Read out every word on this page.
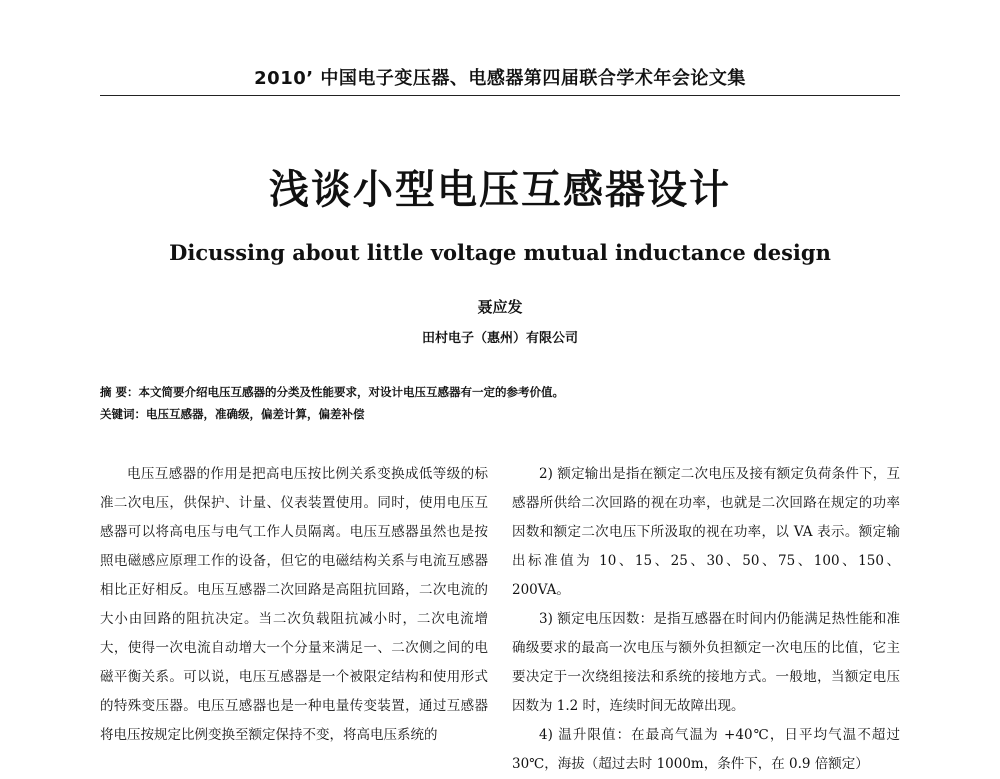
2010’ 中国电子变压器、电感器第四届联合学术年会论文集
浅谈小型电压互感器设计
Dicussing about little voltage mutual inductance design
聂应发
田村电子（惠州）有限公司
摘 要：本文简要介绍电压互感器的分类及性能要求，对设计电压互感器有一定的参考价值。
关键词：电压互感器，准确级，偏差计算，偏差补偿

电压互感器的作用是把高电压按比例关系变换成低等级的标准二次电压，供保护、计量、仪表装置使用。同时，使用电压互感器可以将高电压与电气工作人员隔离。电压互感器虽然也是按照电磁感应原理工作的设备，但它的电磁结构关系与电流互感器相比正好相反。电压互感器二次回路是高阻抗回路，二次电流的大小由回路的阻抗决定。当二次负载阻抗减小时，二次电流增大，使得一次电流自动增大一个分量来满足一、二次侧之间的电磁平衡关系。可以说，电压互感器是一个被限定结构和使用形式的特殊变压器。电压互感器也是一种电量传变装置，通过互感器将电压按规定比例变换至额定保持不变，将高电压系统的

2) 额定输出是指在额定二次电压及接有额定负荷条件下，互感器所供给二次回路的视在功率，也就是二次回路在规定的功率因数和额定二次电压下所汲取的视在功率，以 VA 表示。额定输出标准值为 10、15、25、30、50、75、100、150、200VA。

3) 额定电压因数：是指互感器在时间内仍能满足热性能和准确级要求的最高一次电压与额外负担额定一次电压的比值，它主要决定于一次绕组接法和系统的接地方式。一般地，当额定电压因数为 1.2 时，连续时间无故障出现。

4) 温升限值：在最高气温为 +40℃，日平均气温不超过 30℃，海拔（超过去时 1000m，条件下，在 0.9 倍额定）
